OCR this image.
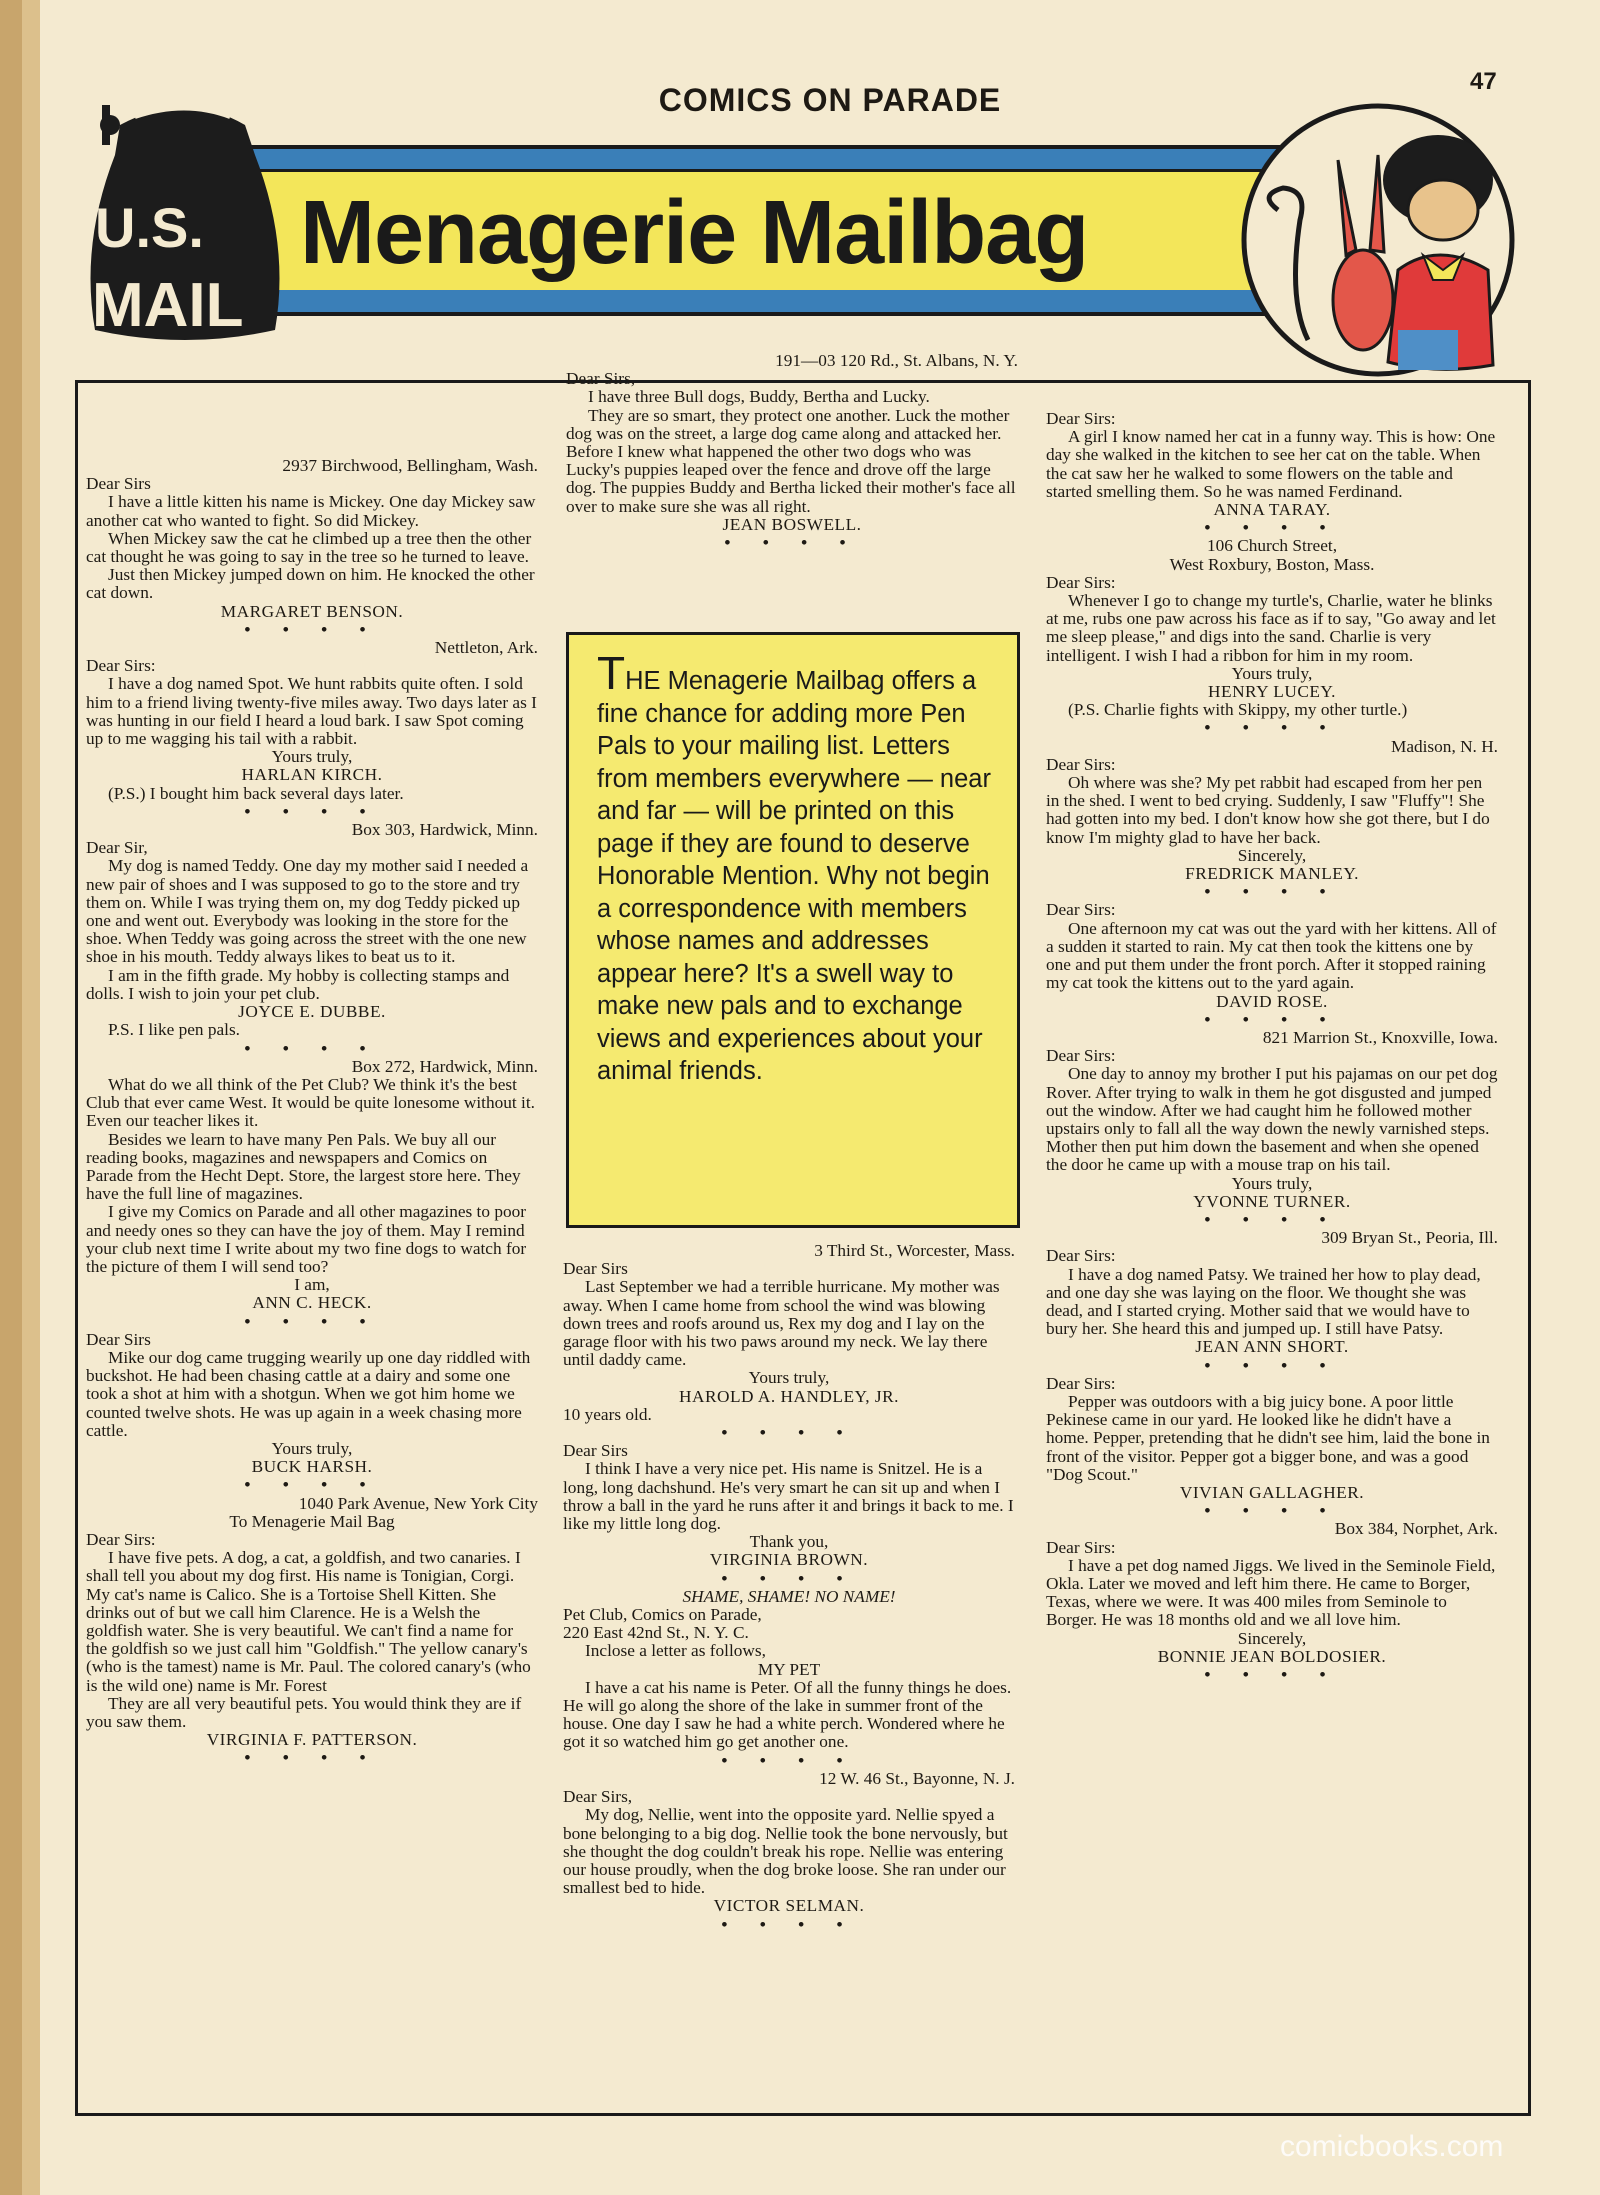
COMICS ON PARADE
47
U.S.
MAIL
Menagerie Mailbag

2937 Birchwood, Bellingham, Wash.

Dear Sirs

I have a little kitten his name is Mickey. One day Mickey saw another cat who wanted to fight. So did Mickey.

When Mickey saw the cat he climbed up a tree then the other cat thought he was going to say in the tree so he turned to leave.

Just then Mickey jumped down on him. He knocked the other cat down.

MARGARET BENSON.

• • • •

Nettleton, Ark.

Dear Sirs:

I have a dog named Spot. We hunt rabbits quite often. I sold him to a friend living twenty-five miles away. Two days later as I was hunting in our field I heard a loud bark. I saw Spot coming up to me wagging his tail with a rabbit.

Yours truly,

HARLAN KIRCH.

(P.S.) I bought him back several days later.

• • • •

Box 303, Hardwick, Minn.

Dear Sir,

My dog is named Teddy. One day my mother said I needed a new pair of shoes and I was supposed to go to the store and try them on. While I was trying them on, my dog Teddy picked up one and went out. Everybody was looking in the store for the shoe. When Teddy was going across the street with the one new shoe in his mouth. Teddy always likes to beat us to it.

I am in the fifth grade. My hobby is collecting stamps and dolls. I wish to join your pet club.

JOYCE E. DUBBE.

P.S. I like pen pals.

• • • •

Box 272, Hardwick, Minn.

What do we all think of the Pet Club? We think it's the best Club that ever came West. It would be quite lonesome without it. Even our teacher likes it.

Besides we learn to have many Pen Pals. We buy all our reading books, magazines and newspapers and Comics on Parade from the Hecht Dept. Store, the largest store here. They have the full line of magazines.

I give my Comics on Parade and all other magazines to poor and needy ones so they can have the joy of them. May I remind your club next time I write about my two fine dogs to watch for the picture of them I will send too?

I am,

ANN C. HECK.

• • • •

Dear Sirs

Mike our dog came trugging wearily up one day riddled with buckshot. He had been chasing cattle at a dairy and some one took a shot at him with a shotgun. When we got him home we counted twelve shots. He was up again in a week chasing more cattle.

Yours truly,

BUCK HARSH.

• • • •

1040 Park Avenue, New York City

To Menagerie Mail Bag

Dear Sirs:

I have five pets. A dog, a cat, a goldfish, and two canaries. I shall tell you about my dog first. His name is Tonigian, Corgi. My cat's name is Calico. She is a Tortoise Shell Kitten. She drinks out of but we call him Clarence. He is a Welsh the goldfish water. She is very beautiful. We can't find a name for the goldfish so we just call him "Goldfish." The yellow canary's (who is the tamest) name is Mr. Paul. The colored canary's (who is the wild one) name is Mr. Forest

They are all very beautiful pets. You would think they are if you saw them.

VIRGINIA F. PATTERSON.

• • • •

191—03 120 Rd., St. Albans, N. Y.

Dear Sirs,

I have three Bull dogs, Buddy, Bertha and Lucky.

They are so smart, they protect one another. Luck the mother dog was on the street, a large dog came along and attacked her. Before I knew what happened the other two dogs who was Lucky's puppies leaped over the fence and drove off the large dog. The puppies Buddy and Bertha licked their mother's face all over to make sure she was all right.

JEAN BOSWELL.

• • • •

THE Menagerie Mailbag offers a fine chance for adding more Pen Pals to your mailing list. Letters from members everywhere — near and far — will be printed on this page if they are found to deserve Honorable Mention. Why not begin a correspondence with members whose names and addresses appear here? It's a swell way to make new pals and to exchange views and experiences about your animal friends.

3 Third St., Worcester, Mass.

Dear Sirs

Last September we had a terrible hurricane. My mother was away. When I came home from school the wind was blowing down trees and roofs around us, Rex my dog and I lay on the garage floor with his two paws around my neck. We lay there until daddy came.

Yours truly,

HAROLD A. HANDLEY, JR.

10 years old.

• • • •

Dear Sirs

I think I have a very nice pet. His name is Snitzel. He is a long, long dachshund. He's very smart he can sit up and when I throw a ball in the yard he runs after it and brings it back to me. I like my little long dog.

Thank you,

VIRGINIA BROWN.

• • • •

SHAME, SHAME! NO NAME!

Pet Club, Comics on Parade,

220 East 42nd St., N. Y. C.

Inclose a letter as follows,

MY PET

I have a cat his name is Peter. Of all the funny things he does. He will go along the shore of the lake in summer front of the house. One day I saw he had a white perch. Wondered where he got it so watched him go get another one.

• • • •

12 W. 46 St., Bayonne, N. J.

Dear Sirs,

My dog, Nellie, went into the opposite yard. Nellie spyed a bone belonging to a big dog. Nellie took the bone nervously, but she thought the dog couldn't break his rope. Nellie was entering our house proudly, when the dog broke loose. She ran under our smallest bed to hide.

VICTOR SELMAN.

• • • •

Dear Sirs:

A girl I know named her cat in a funny way. This is how: One day she walked in the kitchen to see her cat on the table. When the cat saw her he walked to some flowers on the table and started smelling them. So he was named Ferdinand.

ANNA TARAY.

• • • •

106 Church Street,

West Roxbury, Boston, Mass.

Dear Sirs:

Whenever I go to change my turtle's, Charlie, water he blinks at me, rubs one paw across his face as if to say, "Go away and let me sleep please," and digs into the sand. Charlie is very intelligent. I wish I had a ribbon for him in my room.

Yours truly,

HENRY LUCEY.

(P.S. Charlie fights with Skippy, my other turtle.)

• • • •

Madison, N. H.

Dear Sirs:

Oh where was she? My pet rabbit had escaped from her pen in the shed. I went to bed crying. Suddenly, I saw "Fluffy"! She had gotten into my bed. I don't know how she got there, but I do know I'm mighty glad to have her back.

Sincerely,

FREDRICK MANLEY.

• • • •

Dear Sirs:

One afternoon my cat was out the yard with her kittens. All of a sudden it started to rain. My cat then took the kittens one by one and put them under the front porch. After it stopped raining my cat took the kittens out to the yard again.

DAVID ROSE.

• • • •

821 Marrion St., Knoxville, Iowa.

Dear Sirs:

One day to annoy my brother I put his pajamas on our pet dog Rover. After trying to walk in them he got disgusted and jumped out the window. After we had caught him he followed mother upstairs only to fall all the way down the newly varnished steps. Mother then put him down the basement and when she opened the door he came up with a mouse trap on his tail.

Yours truly,

YVONNE TURNER.

• • • •

309 Bryan St., Peoria, Ill.

Dear Sirs:

I have a dog named Patsy. We trained her how to play dead, and one day she was laying on the floor. We thought she was dead, and I started crying. Mother said that we would have to bury her. She heard this and jumped up. I still have Patsy.

JEAN ANN SHORT.

• • • •

Dear Sirs:

Pepper was outdoors with a big juicy bone. A poor little Pekinese came in our yard. He looked like he didn't have a home. Pepper, pretending that he didn't see him, laid the bone in front of the visitor. Pepper got a bigger bone, and was a good "Dog Scout."

VIVIAN GALLAGHER.

• • • •

Box 384, Norphet, Ark.

Dear Sirs:

I have a pet dog named Jiggs. We lived in the Seminole Field, Okla. Later we moved and left him there. He came to Borger, Texas, where we were. It was 400 miles from Seminole to Borger. He was 18 months old and we all love him.

Sincerely,

BONNIE JEAN BOLDOSIER.

• • • •

comicbooks.com
